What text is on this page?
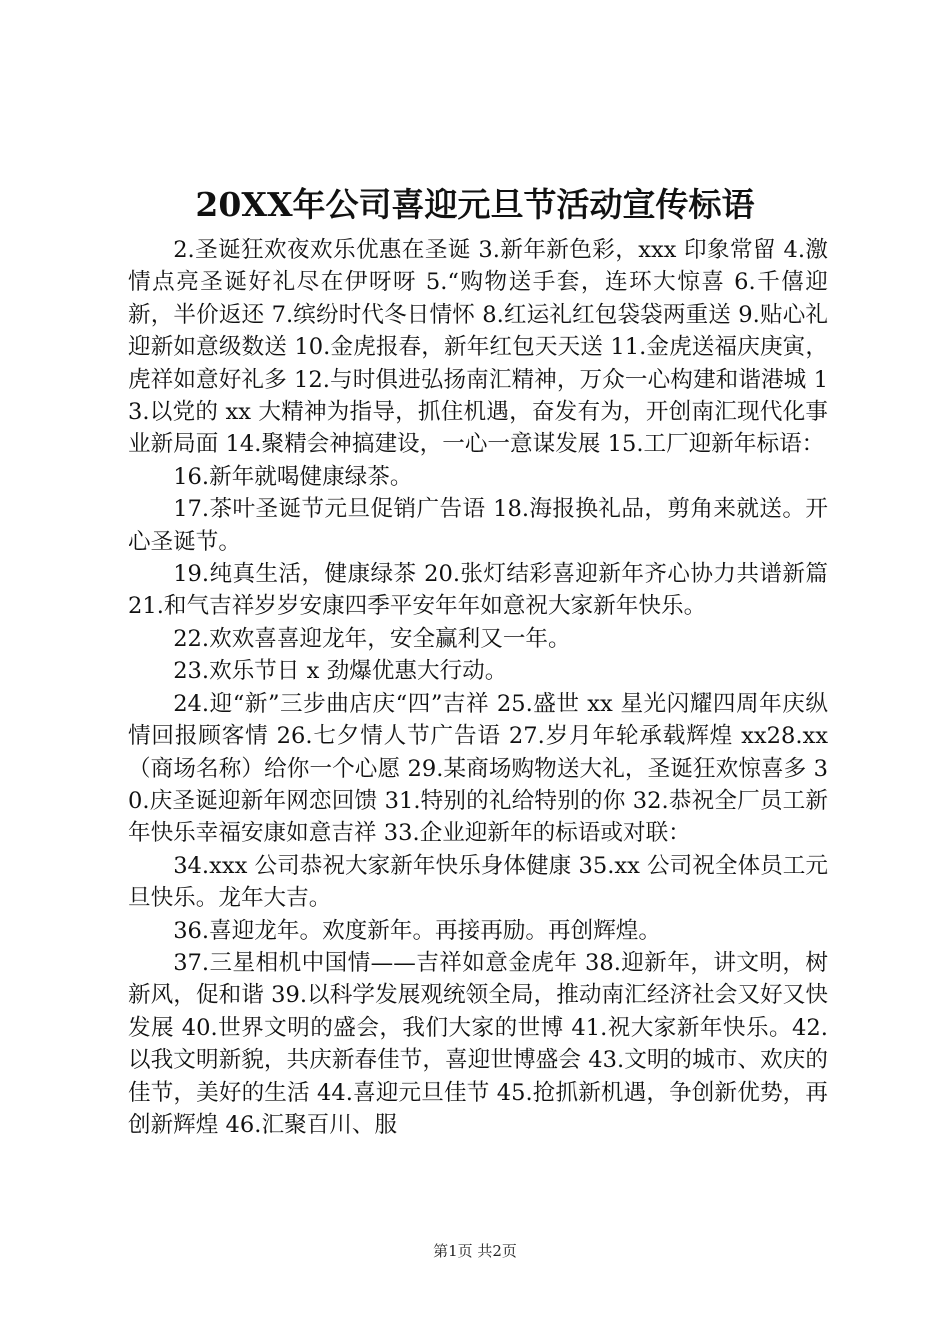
20XX年公司喜迎元旦节活动宣传标语

2.圣诞狂欢夜欢乐优惠在圣诞 3.新年新色彩，xxx 印象常留 4.激情点亮圣诞好礼尽在伊呀呀 5.“购物送手套，连环大惊喜 6.千僖迎新，半价返还 7.缤纷时代冬日情怀 8.红运礼红包袋袋两重送 9.贴心礼迎新如意级数送 10.金虎报春，新年红包天天送 11.金虎送福庆庚寅，虎祥如意好礼多 12.与时俱进弘扬南汇精神，万众一心构建和谐港城 13.以党的 xx 大精神为指导，抓住机遇，奋发有为，开创南汇现代化事业新局面 14.聚精会神搞建设，一心一意谋发展 15.工厂迎新年标语：

16.新年就喝健康绿茶。

17.茶叶圣诞节元旦促销广告语 18.海报换礼品，剪角来就送。开心圣诞节。

19.纯真生活，健康绿茶 20.张灯结彩喜迎新年齐心协力共谱新篇 21.和气吉祥岁岁安康四季平安年年如意祝大家新年快乐。

22.欢欢喜喜迎龙年，安全赢利又一年。

23.欢乐节日 x 劲爆优惠大行动。

24.迎“新”三步曲店庆“四”吉祥 25.盛世 xx 星光闪耀四周年庆纵情回报顾客情 26.七夕情人节广告语 27.岁月年轮承载辉煌 xx28.xx（商场名称）给你一个心愿 29.某商场购物送大礼，圣诞狂欢惊喜多 30.庆圣诞迎新年网恋回馈 31.特别的礼给特别的你 32.恭祝全厂员工新年快乐幸福安康如意吉祥 33.企业迎新年的标语或对联：

34.xxx 公司恭祝大家新年快乐身体健康 35.xx 公司祝全体员工元旦快乐。龙年大吉。

36.喜迎龙年。欢度新年。再接再励。再创辉煌。

37.三星相机中国情——吉祥如意金虎年 38.迎新年，讲文明，树新风，促和谐 39.以科学发展观统领全局，推动南汇经济社会又好又快发展 40.世界文明的盛会，我们大家的世博 41.祝大家新年快乐。42.以我文明新貌，共庆新春佳节，喜迎世博盛会 43.文明的城市、欢庆的佳节，美好的生活 44.喜迎元旦佳节 45.抢抓新机遇，争创新优势，再创新辉煌 46.汇聚百川、服

第1页 共2页
